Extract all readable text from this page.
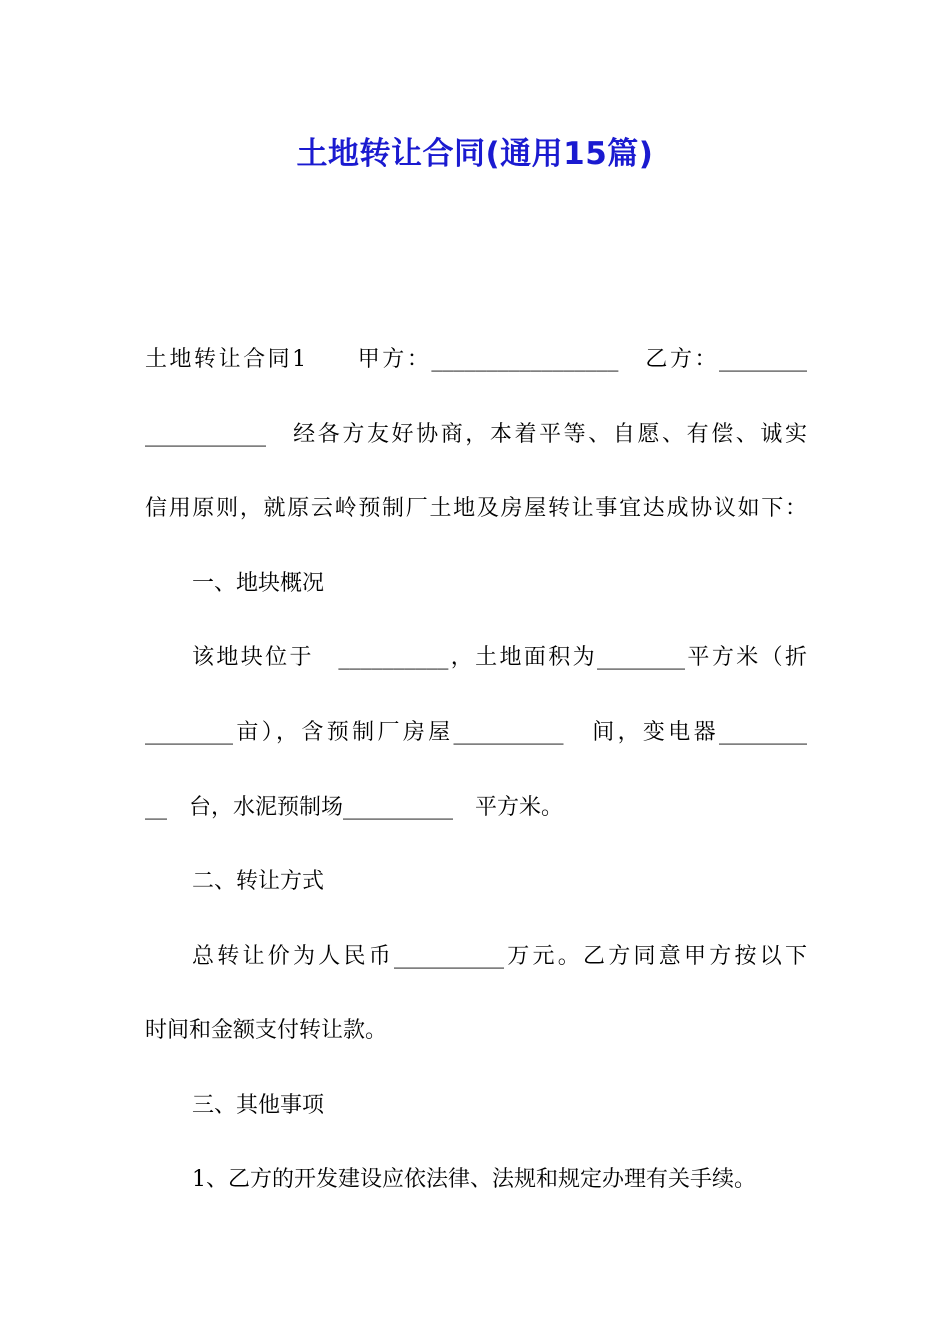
土地转让合同(通用15篇)
土地转让合同1　　甲方：_________________　乙方：________
___________　经各方友好协商，本着平等、自愿、有偿、诚实
信用原则，就原云岭预制厂土地及房屋转让事宜达成协议如下：
一、地块概况
该地块位于　__________，土地面积为________平方米（折
________亩），含预制厂房屋__________　间，变电器________
__　台，水泥预制场__________　平方米。
二、转让方式
总转让价为人民币__________万元。乙方同意甲方按以下
时间和金额支付转让款。
三、其他事项
1、乙方的开发建设应依法律、法规和规定办理有关手续。
